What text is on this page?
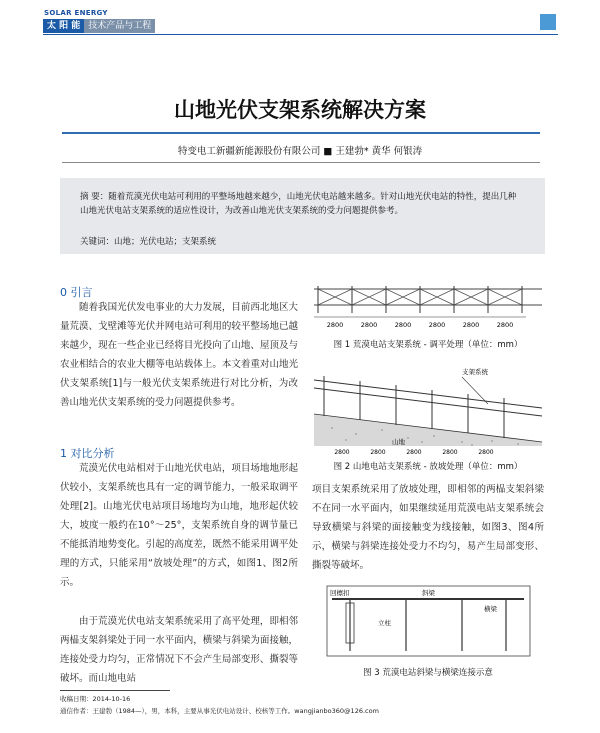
SOLAR ENERGY
太 阳 能 技术产品与工程
山地光伏支架系统解决方案
特变电工新疆新能源股份有限公司 ■ 王建勃* 黄华 何银涛
摘 要：随着荒漠光伏电站可利用的平整场地越来越少，山地光伏电站越来越多。针对山地光伏电站的特性，提出几种山地光伏电站支架系统的适应性设计，为改善山地光伏支架系统的受力问题提供参考。
关键词：山地；光伏电站；支架系统
0 引言

随着我国光伏发电事业的大力发展，目前西北地区大量荒漠、戈壁滩等光伏并网电站可利用的较平整场地已越来越少，现在一些企业已经将目光投向了山地、屋顶及与农业相结合的农业大棚等电站载体上。本文着重对山地光伏支架系统[1]与一般光伏支架系统进行对比分析，为改善山地光伏支架系统的受力问题提供参考。

1 对比分析

荒漠光伏电站相对于山地光伏电站，项目场地地形起伏较小，支架系统也具有一定的调节能力，一般采取调平处理[2]。山地光伏电站项目场地均为山地，地形起伏较大，坡度一般约在10°～25°，支架系统自身的调节量已不能抵消地势变化。引起的高度差，既然不能采用调平处理的方式，只能采用“放坡处理”的方式，如图1、图2所示。

由于荒漠光伏电站支架系统采用了高平处理，即相邻两榀支架斜梁处于同一水平面内，横梁与斜梁为面接触，连接处受力均匀，正常情况下不会产生局部变形、撕裂等破坏。而山地电站

2800	2800	2800	2800	2800	2800
图 1 荒漠电站支架系统 - 调平处理（单位：mm）
支架系统
山地
2800	2800	2800	2800	2800
图 2 山地电站支架系统 - 放坡处理（单位：mm）

项目支架系统采用了放坡处理，即相邻的两榀支架斜梁不在同一水平面内，如果继续延用荒漠电站支架系统会导致横梁与斜梁的面接触变为线接触，如图3、图4所示，横梁与斜梁连接处受力不均匀，易产生局部变形、撕裂等破坏。

回檩扣	斜梁
立柱
横梁
图 3 荒漠电站斜梁与横梁连接示意
收稿日期：2014-10-16
通信作者：王建勃（1984—），男，本科，主要从事光伏电站设计、校核等工作。wangjianbo360@126.com
